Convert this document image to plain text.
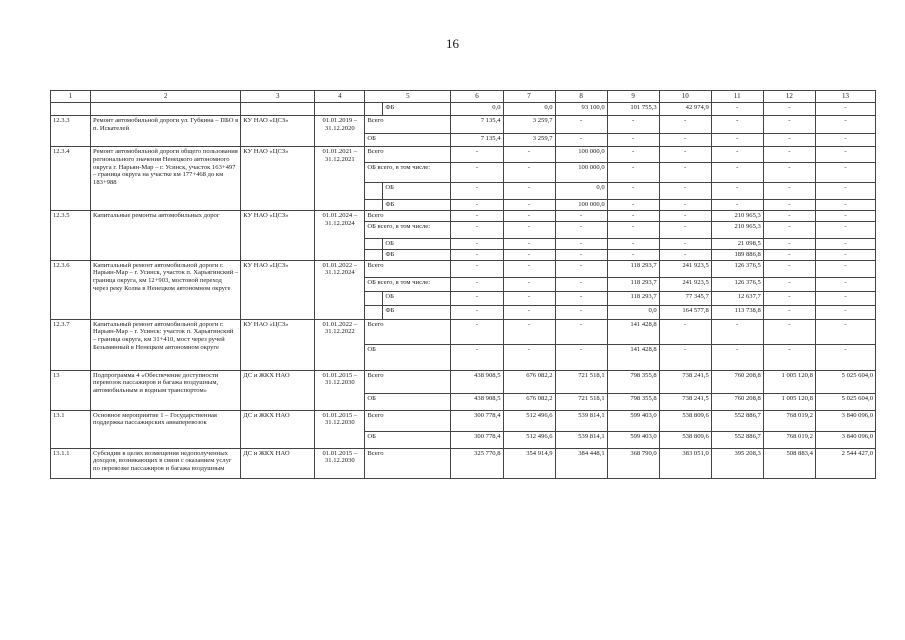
16
1	2	3	4	5		6	7	8	9	10	11	12	13
					ФБ	0,0	0,0	93 100,0	101 755,3	42 974,9	-	-	-
12.3.3	Ремонт автомобильной дороги ул. Губкина – ПБО в п. Искателей	КУ НАО «ЦСЗ»	01.01.2019 – 31.12.2020	Всего		7 135,4	3 259,7	-	-	-	-	-	-
				ОБ		7 135,4	3 259,7	-	-	-	-	-	-
12.3.4	Ремонт автомобильной дороги общего пользования регионального значения Ненецкого автономного округа г. Нарьян-Мар – г. Усинск, участок 163+497 – граница округа на участке км 177+468 до км 183+988	КУ НАО «ЦСЗ»	01.01.2021 – 31.12.2021	Всего		-	-	100 000,0	-	-	-	-	-
				ОБ всего, в том числе:		-	-	100 000,0	-	-	-	-	-
					ОБ	-	-	0,0	-	-	-	-	-
					ФБ	-	-	100 000,0	-	-	-	-	-
12.3.5	Капитальные ремонты автомобильных дорог	КУ НАО «ЦСЗ»	01.01.2024 – 31.12.2024	Всего		-	-	-	-	-	210 965,3	-	-
				ОБ всего, в том числе:		-	-	-	-	-	210 965,3	-	-
					ОБ	-	-	-	-	-	21 098,5	-	-
					ФБ	-	-	-	-	-	189 886,8	-	-
12.3.6	Капитальный ремонт автомобильной дороги г. Нарьян-Мар – г. Усинск, участок п. Харьягинский – граница округа, км 12+903, мостовой переход через реку Колва в Ненецком автономном округе	КУ НАО «ЦСЗ»	01.01.2022 – 31.12.2024	Всего		-	-	-	118 293,7	241 923,5	126 376,5	-	-
				ОБ всего, в том числе:		-	-	-	118 293,7	241 923,5	126 376,5	-	-
					ОБ	-	-	-	118 293,7	77 345,7	12 637,7	-	-
					ФБ	-	-	-	0,0	164 577,8	113 738,8	-	-
12.3.7	Капитальный ремонт автомобильной дороги г. Нарьян-Мар – г. Усинск: участок п. Харьягинский – граница округа, км 31+410, мост через ручей Безымянный в Ненецком автономном округе	КУ НАО «ЦСЗ»	01.01.2022 – 31.12.2022	Всего		-	-	-	141 428,8	-	-	-	-
				ОБ		-	-	-	141 428,8	-	-	-	-
13	Подпрограмма 4 «Обеспечение доступности перевозок пассажиров и багажа воздушным, автомобильным и водным транспортом»	ДС и ЖКХ НАО	01.01.2015 – 31.12.2030	Всего		438 908,5	676 082,2	721 518,1	798 355,8	738 241,5	760 208,8	1 005 120,8	5 025 604,0
				ОБ		438 908,5	676 082,2	721 518,1	798 355,8	738 241,5	760 208,8	1 005 120,8	5 025 604,0
13.1	Основное мероприятие 1 – Государственная поддержка пассажирских авиаперевозок	ДС и ЖКХ НАО	01.01.2015 – 31.12.2030	Всего		300 778,4	512 496,6	539 814,1	599 403,0	538 809,6	552 886,7	768 019,2	3 840 096,0
				ОБ		300 778,4	512 496,6	539 814,1	599 403,0	538 809,6	552 886,7	768 019,2	3 840 096,0
13.1.1	Субсидии в целях возмещения недополученных доходов, возникающих в связи с оказанием услуг по перевозке пассажиров и багажа воздушным	ДС и ЖКХ НАО	01.01.2015 – 31.12.2030	Всего		325 770,8	354 914,9	384 448,1	368 790,0	383 051,0	395 208,3	508 883,4	2 544 427,0
